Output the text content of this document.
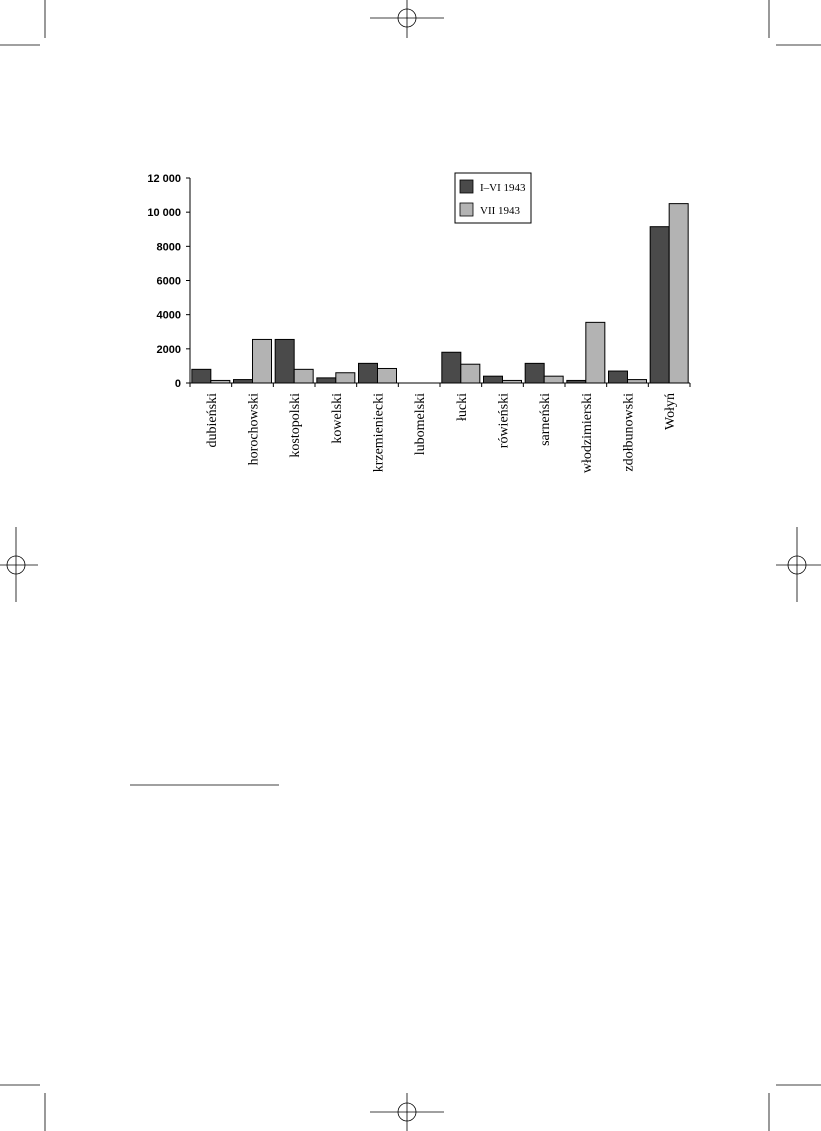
0
2000
4000
6000
8000
10 000
12 000
dubieński horochowski kostopolski kowelski krzemieniecki lubomelski łucki rówieński sarneński włodzimierski zdołbunowski Wołyń
I–VI 1943
VII 1943
